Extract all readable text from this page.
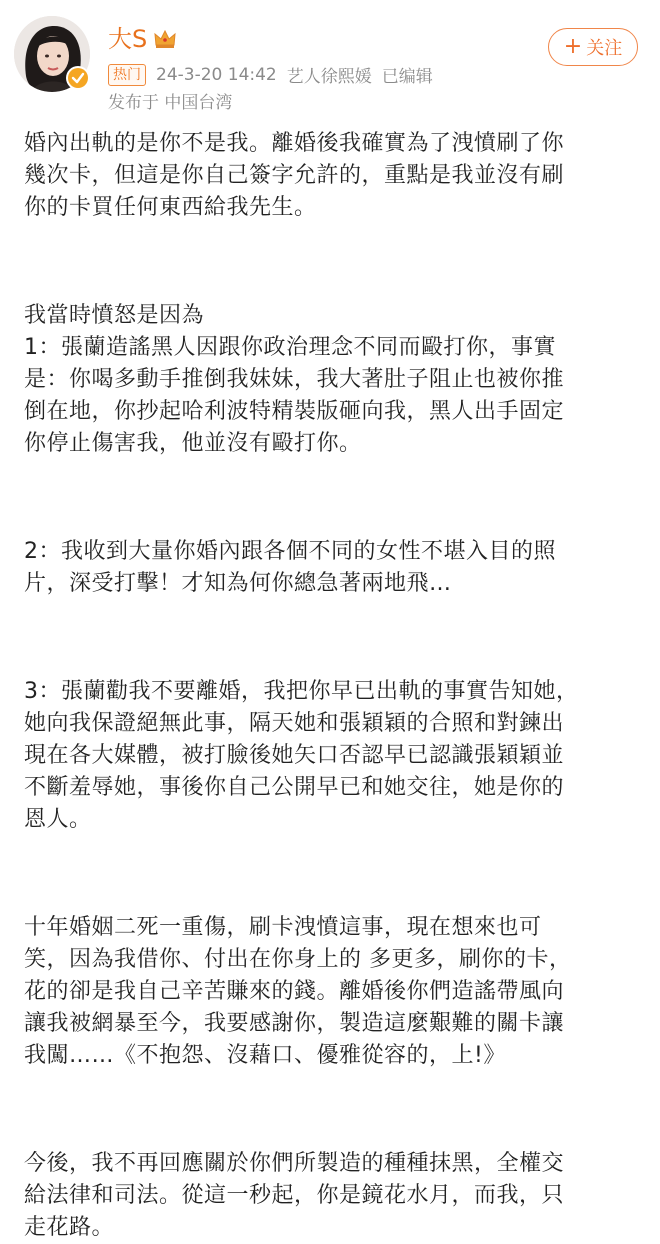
大S
热门 24-3-20 14:42 艺人徐熙媛 已编辑
发布于 中国台湾
+ 关注

婚內出軌的是你不是我。離婚後我確實為了洩憤刷了你

幾次卡，但這是你自己簽字允許的，重點是我並沒有刷

你的卡買任何東西給我先生。

我當時憤怒是因為

1：張蘭造謠黑人因跟你政治理念不同而毆打你，事實

是：你喝多動手推倒我妹妹，我大著肚子阻止也被你推

倒在地，你抄起哈利波特精裝版砸向我，黑人出手固定

你停止傷害我，他並沒有毆打你。

2：我收到大量你婚內跟各個不同的女性不堪入目的照

片，深受打擊！才知為何你總急著兩地飛…

3：張蘭勸我不要離婚，我把你早已出軌的事實告知她，

她向我保證絕無此事，隔天她和張穎穎的合照和對鍊出

現在各大媒體，被打臉後她矢口否認早已認識張穎穎並

不斷羞辱她，事後你自己公開早已和她交往，她是你的

恩人。

十年婚姻二死一重傷，刷卡洩憤這事，現在想來也可

笑，因為我借你、付出在你身上的 多更多，刷你的卡，

花的卻是我自己辛苦賺來的錢。離婚後你們造謠帶風向

讓我被網暴至今，我要感謝你，製造這麼艱難的關卡讓

我闖……《不抱怨、沒藉口、優雅從容的，上!》

今後，我不再回應關於你們所製造的種種抹黑，全權交

給法律和司法。從這一秒起，你是鏡花水月，而我，只

走花路。
